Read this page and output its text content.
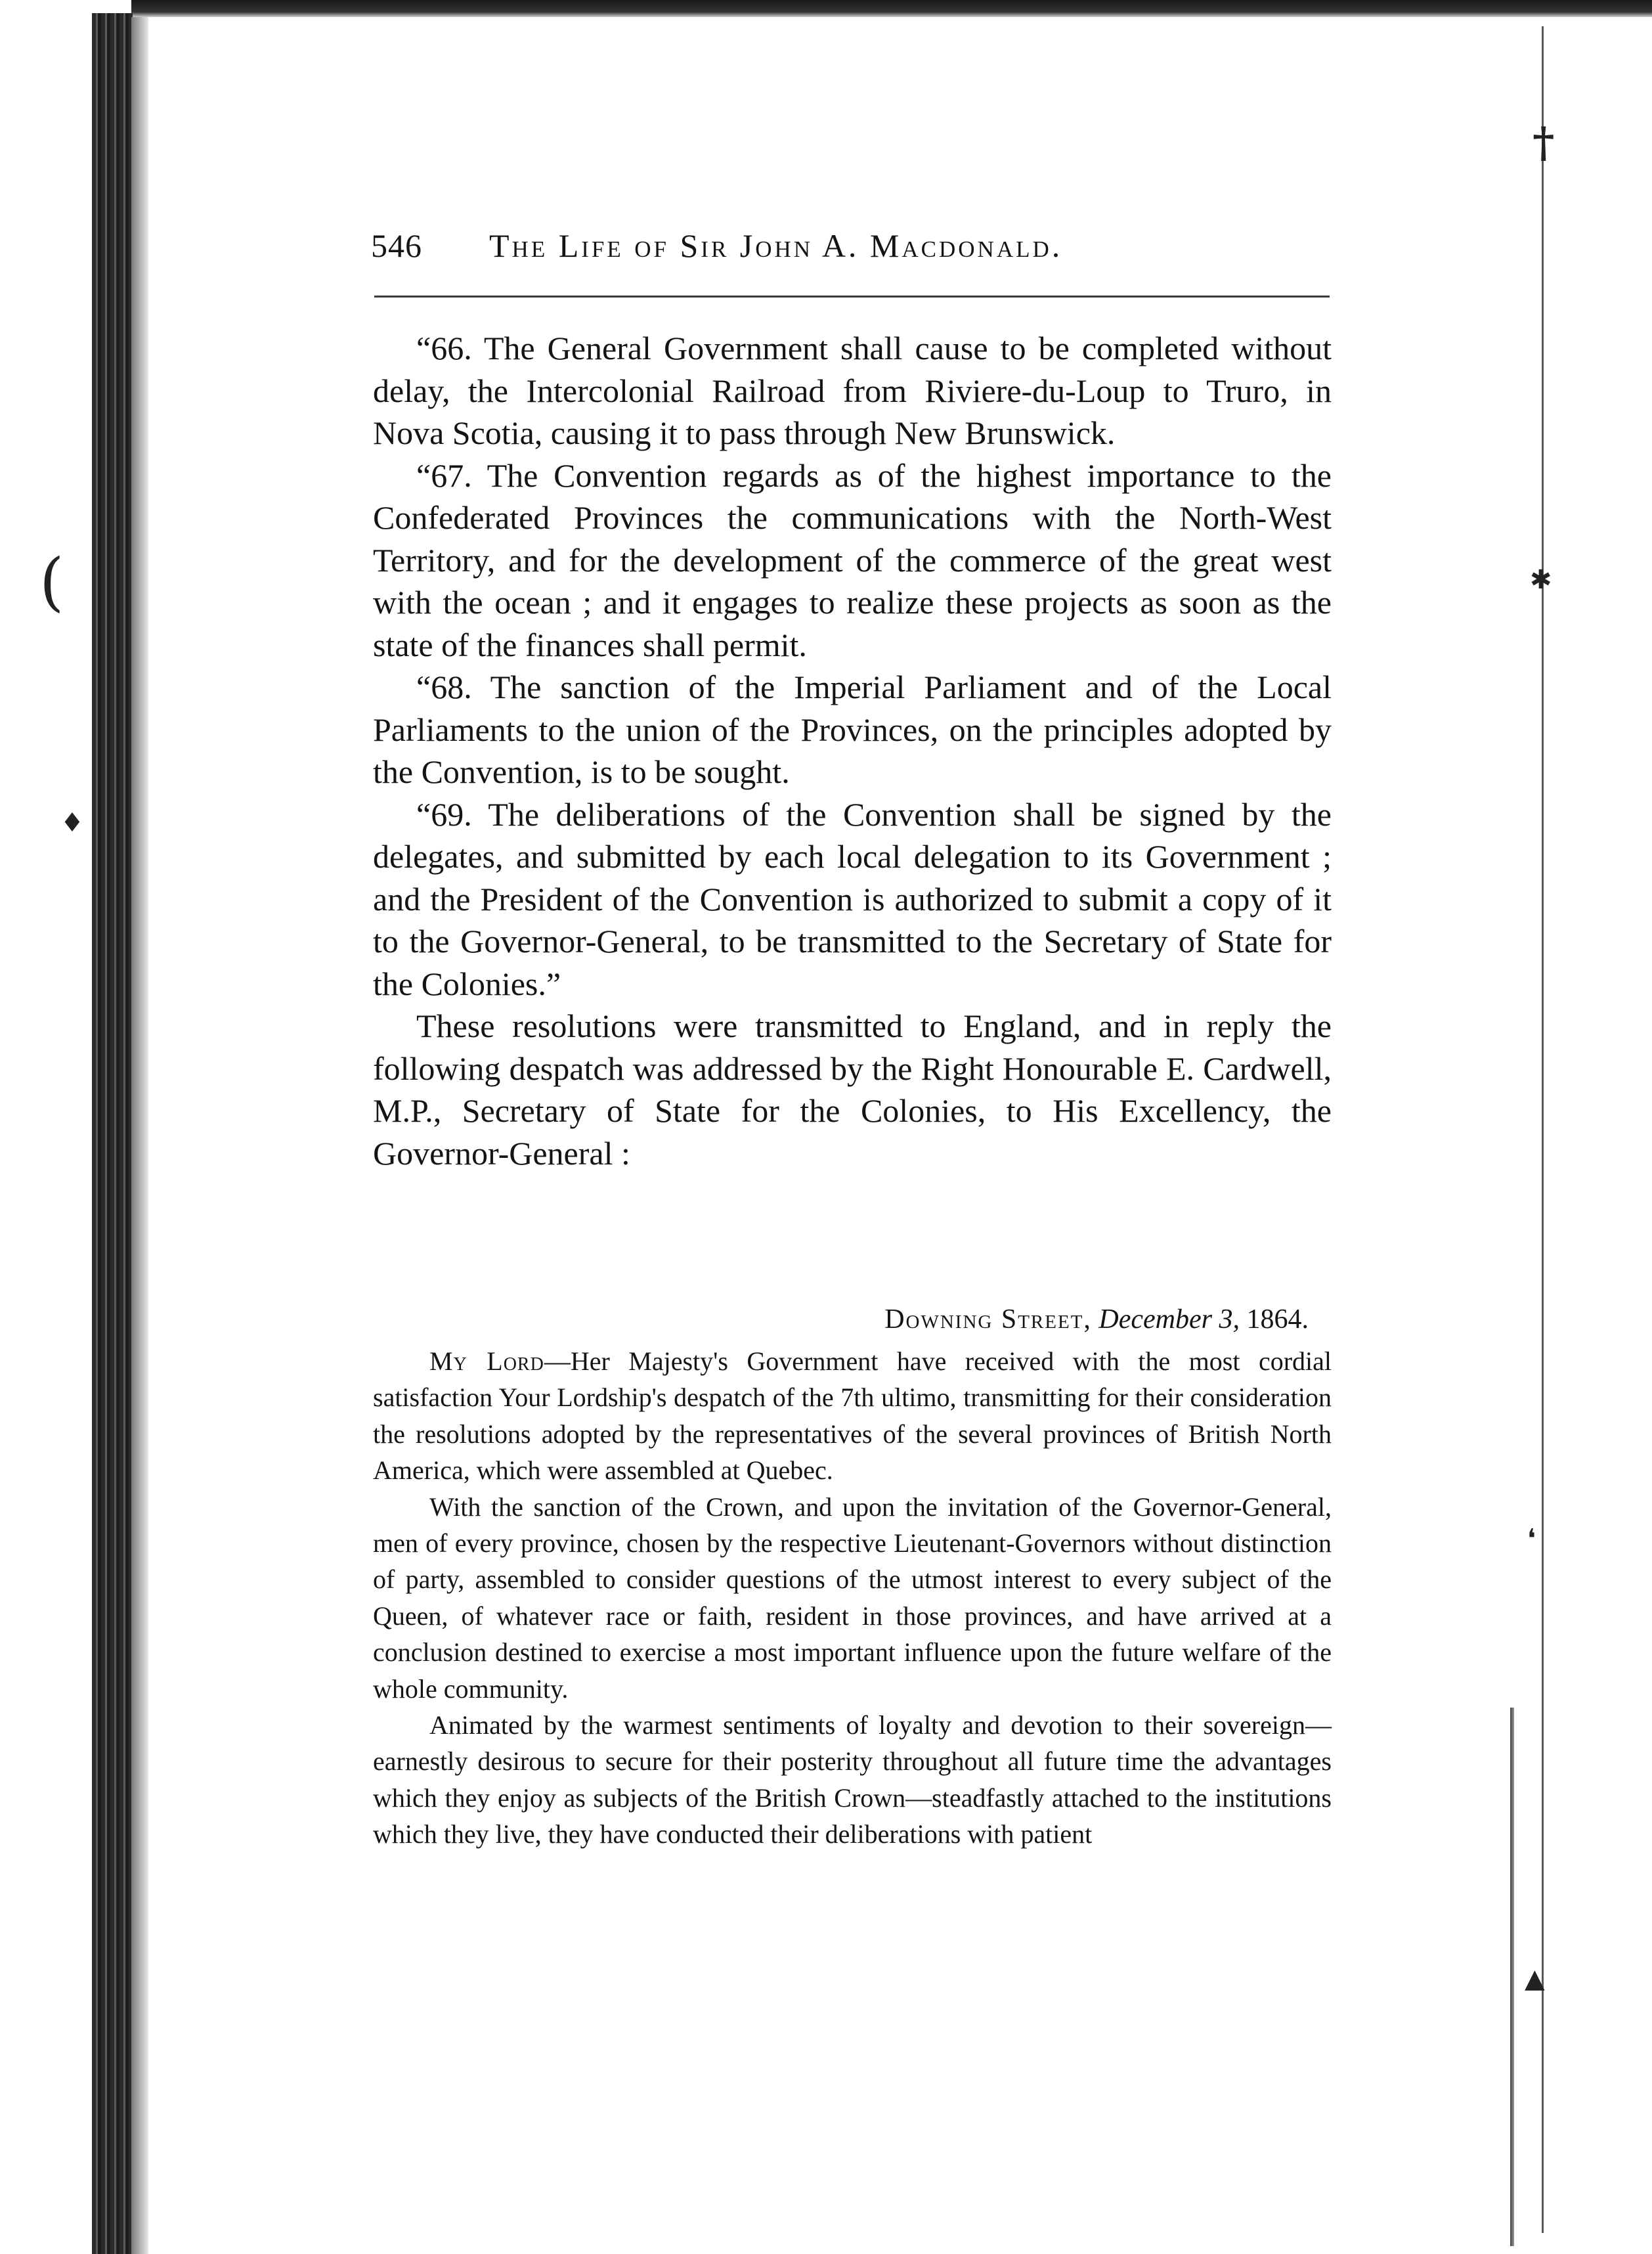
(
♦
†
✱
❛
▲
546 The Life of Sir John A. Macdonald.

“66. The General Government shall cause to be completed without delay, the Intercolonial Railroad from Riviere-du-Loup to Truro, in Nova Scotia, causing it to pass through New Brunswick.

“67. The Convention regards as of the highest importance to the Confederated Provinces the communications with the North-West Territory, and for the development of the commerce of the great west with the ocean ; and it engages to realize these projects as soon as the state of the finances shall permit.

“68. The sanction of the Imperial Parliament and of the Local Parliaments to the union of the Provinces, on the principles adopted by the Convention, is to be sought.

“69. The deliberations of the Convention shall be signed by the delegates, and submitted by each local delegation to its Government ; and the President of the Convention is authorized to submit a copy of it to the Governor-General, to be transmitted to the Secretary of State for the Colonies.”

These resolutions were transmitted to England, and in reply the following despatch was addressed by the Right Honourable E. Cardwell, M.P., Secretary of State for the Colonies, to His Excellency, the Governor-General :

Downing Street, December 3, 1864.

My Lord—Her Majesty's Government have received with the most cordial satisfaction Your Lordship's despatch of the 7th ultimo, transmitting for their consideration the resolutions adopted by the representatives of the several provinces of British North America, which were assembled at Quebec.

With the sanction of the Crown, and upon the invitation of the Governor-General, men of every province, chosen by the respective Lieutenant-Governors without distinction of party, assembled to consider questions of the utmost interest to every subject of the Queen, of whatever race or faith, resident in those provinces, and have arrived at a conclusion destined to exercise a most important influence upon the future welfare of the whole community.

Animated by the warmest sentiments of loyalty and devotion to their sovereign—earnestly desirous to secure for their posterity throughout all future time the advantages which they enjoy as subjects of the British Crown—steadfastly attached to the institutions which they live, they have conducted their deliberations with patient
